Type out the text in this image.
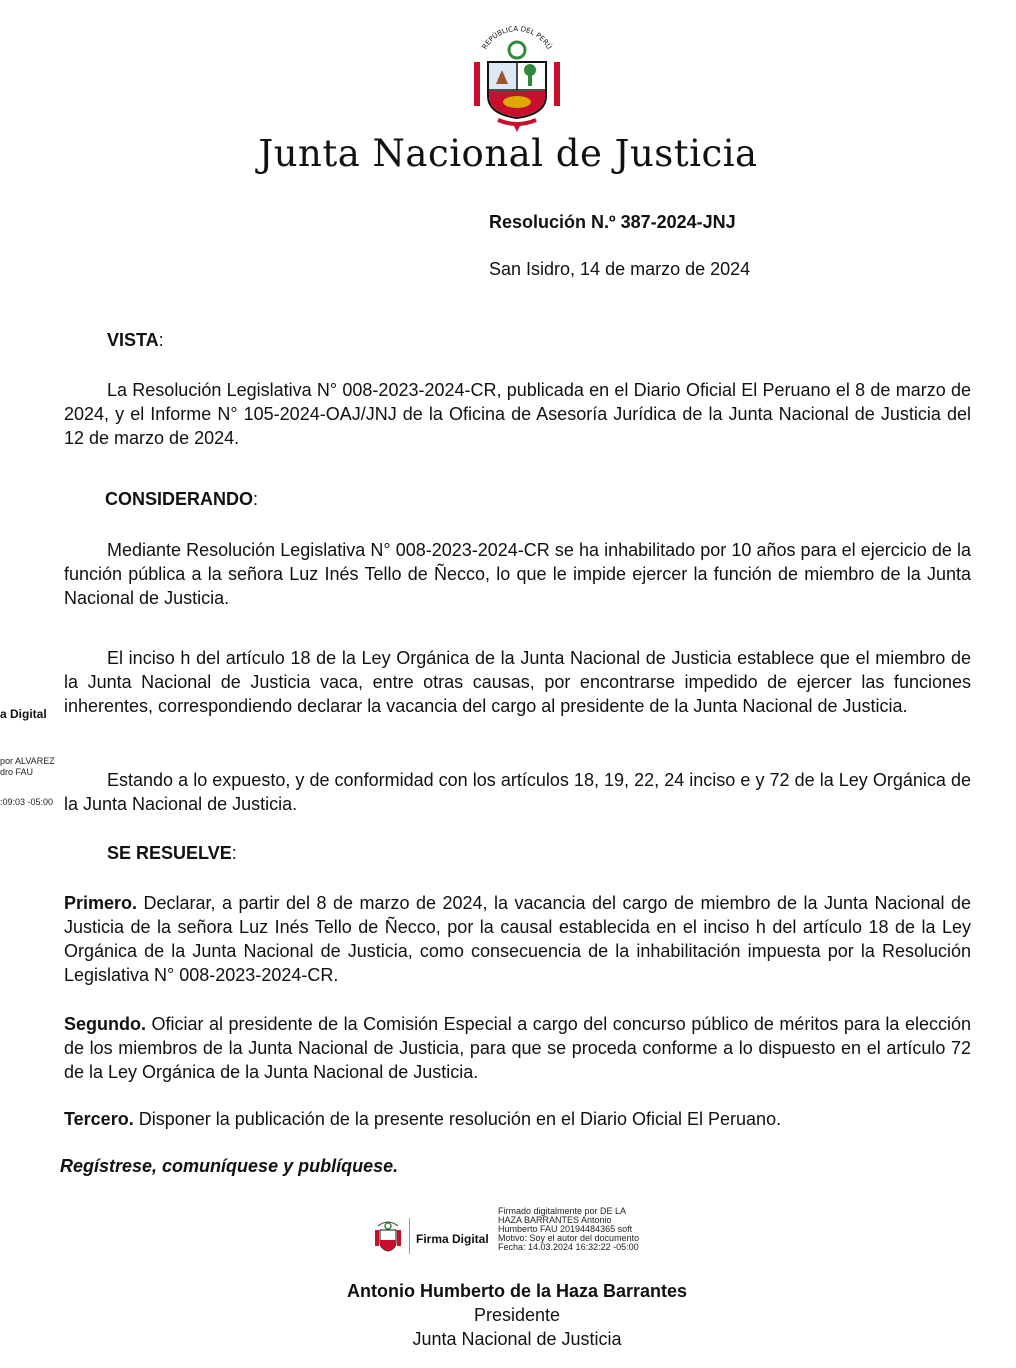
REPÚBLICA DEL PERÚ
Junta Nacional de Justicia
Resolución N.º 387-2024-JNJ
San Isidro, 14 de marzo de 2024
VISTA:

La Resolución Legislativa N° 008-2023-2024-CR, publicada en el Diario Oficial El Peruano el 8 de marzo de 2024, y el Informe N° 105-2024-OAJ/JNJ de la Oficina de Asesoría Jurídica de la Junta Nacional de Justicia del 12 de marzo de 2024.

CONSIDERANDO:

Mediante Resolución Legislativa N° 008-2023-2024-CR se ha inhabilitado por 10 años para el ejercicio de la función pública a la señora Luz Inés Tello de Ñecco, lo que le impide ejercer la función de miembro de la Junta Nacional de Justicia.

El inciso h del artículo 18 de la Ley Orgánica de la Junta Nacional de Justicia establece que el miembro de la Junta Nacional de Justicia vaca, entre otras causas, por encontrarse impedido de ejercer las funciones inherentes, correspondiendo declarar la vacancia del cargo al presidente de la Junta Nacional de Justicia.

Estando a lo expuesto, y de conformidad con los artículos 18, 19, 22, 24 inciso e y 72 de la Ley Orgánica de la Junta Nacional de Justicia.

SE RESUELVE:

Primero. Declarar, a partir del 8 de marzo de 2024, la vacancia del cargo de miembro de la Junta Nacional de Justicia de la señora Luz Inés Tello de Ñecco, por la causal establecida en el inciso h del artículo 18 de la Ley Orgánica de la Junta Nacional de Justicia, como consecuencia de la inhabilitación impuesta por la Resolución Legislativa N° 008-2023-2024-CR.

Segundo. Oficiar al presidente de la Comisión Especial a cargo del concurso público de méritos para la elección de los miembros de la Junta Nacional de Justicia, para que se proceda conforme a lo dispuesto en el artículo 72 de la Ley Orgánica de la Junta Nacional de Justicia.

Tercero. Disponer la publicación de la presente resolución en el Diario Oficial El Peruano.

Regístrese, comuníquese y publíquese.
a Digital
por ALVAREZ
dro FAU
:09:03 -05:00
Firma Digital
Firmado digitalmente por DE LA
HAZA BARRANTES Antonio
Humberto FAU 20194484365 soft
Motivo: Soy el autor del documento
Fecha: 14.03.2024 16:32:22 -05:00
Antonio Humberto de la Haza Barrantes
Presidente
Junta Nacional de Justicia
